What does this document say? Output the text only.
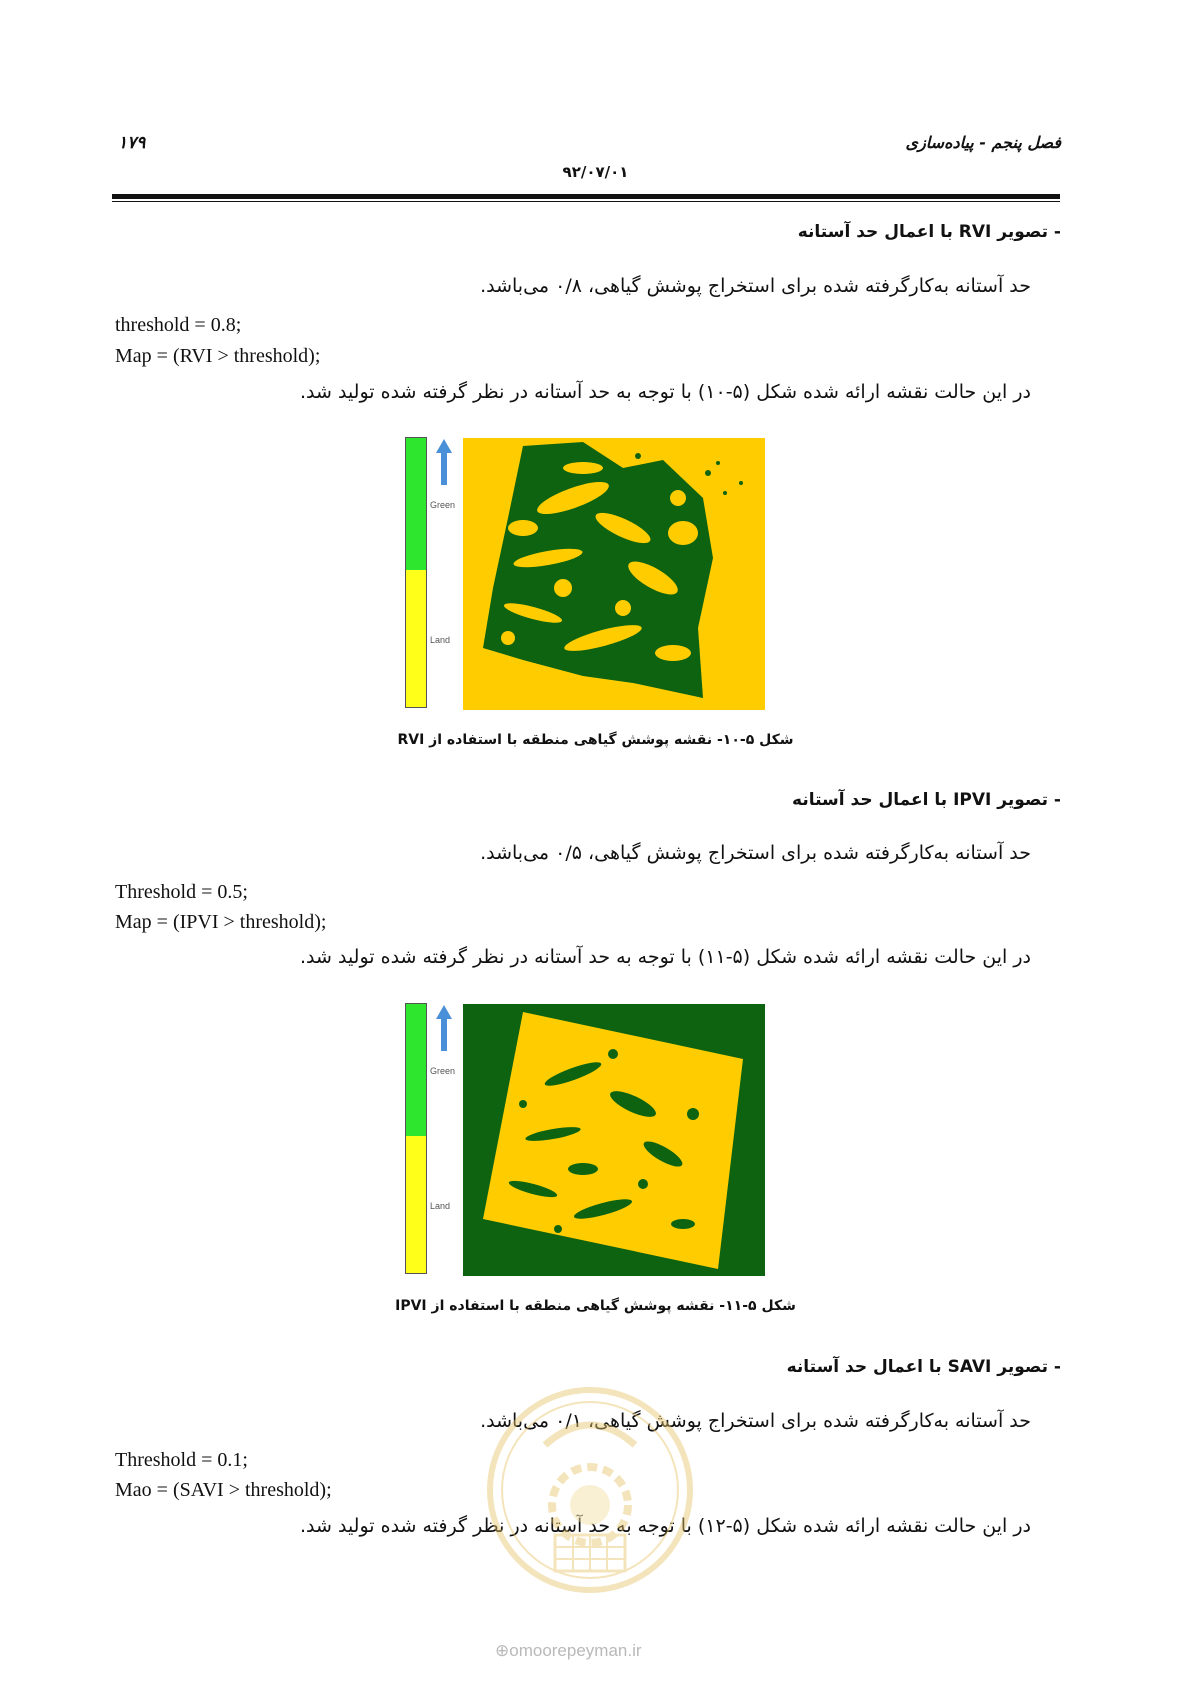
۱۷۹	فصل پنجم - پیاده‌سازی
۹۲/۰۷/۰۱
- تصویر RVI با اعمال حد آستانه
حد آستانه به‌کارگرفته شده برای استخراج پوشش گیاهی، ۰/۸ می‌باشد.
threshold = 0.8;
Map = (RVI > threshold);
در این حالت نقشه ارائه شده شکل (۵-۱۰) با توجه به حد آستانه در نظر گرفته شده تولید شد.
Green
Land
شکل ۵-۱۰- نقشه پوشش گیاهی منطقه با استفاده از RVI
- تصویر IPVI با اعمال حد آستانه
حد آستانه به‌کارگرفته شده برای استخراج پوشش گیاهی، ۰/۵ می‌باشد.
Threshold = 0.5;
Map = (IPVI > threshold);
در این حالت نقشه ارائه شده شکل (۵-۱۱) با توجه به حد آستانه در نظر گرفته شده تولید شد.
Green
Land
شکل ۵-۱۱- نقشه پوشش گیاهی منطقه با استفاده از IPVI
- تصویر SAVI با اعمال حد آستانه
حد آستانه به‌کارگرفته شده برای استخراج پوشش گیاهی، ۰/۱ می‌باشد.
Threshold = 0.1;
Mao = (SAVI > threshold);
در این حالت نقشه ارائه شده شکل (۵-۱۲) با توجه به حد آستانه در نظر گرفته شده تولید شد.
⊕omoorepeyman.ir
